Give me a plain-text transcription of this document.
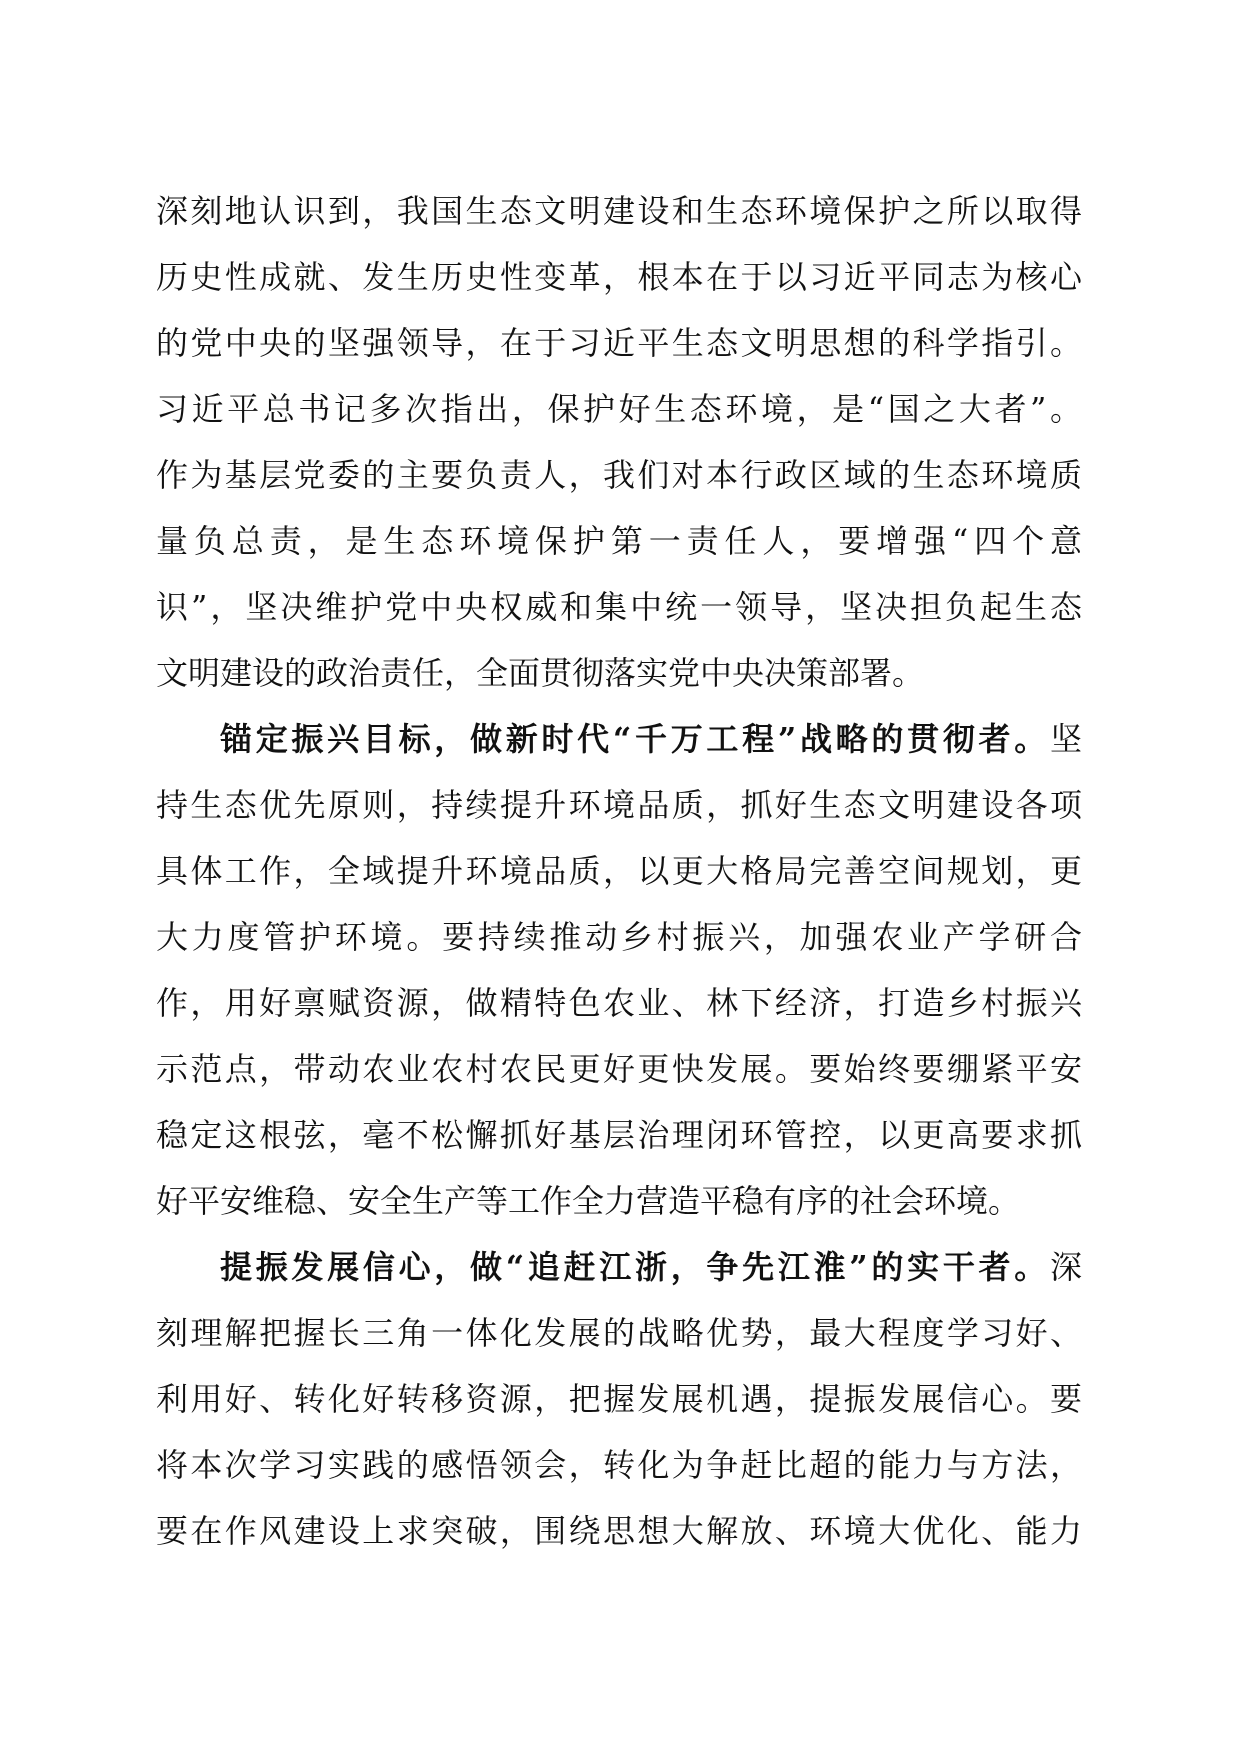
深刻地认识到，我国生态文明建设和生态环境保护之所以取得
历史性成就、发生历史性变革，根本在于以习近平同志为核心
的党中央的坚强领导，在于习近平生态文明思想的科学指引。
习近平总书记多次指出，保护好生态环境，是“国之大者”。
作为基层党委的主要负责人，我们对本行政区域的生态环境质
量负总责，是生态环境保护第一责任人，要增强“四个意
识”，坚决维护党中央权威和集中统一领导，坚决担负起生态
文明建设的政治责任，全面贯彻落实党中央决策部署。
锚定振兴目标，做新时代“千万工程”战略的贯彻者。坚
持生态优先原则，持续提升环境品质，抓好生态文明建设各项
具体工作，全域提升环境品质，以更大格局完善空间规划，更
大力度管护环境。要持续推动乡村振兴，加强农业产学研合
作，用好禀赋资源，做精特色农业、林下经济，打造乡村振兴
示范点，带动农业农村农民更好更快发展。要始终要绷紧平安
稳定这根弦，毫不松懈抓好基层治理闭环管控，以更高要求抓
好平安维稳、安全生产等工作全力营造平稳有序的社会环境。
提振发展信心，做“追赶江浙，争先江淮”的实干者。深
刻理解把握长三角一体化发展的战略优势，最大程度学习好、
利用好、转化好转移资源，把握发展机遇，提振发展信心。要
将本次学习实践的感悟领会，转化为争赶比超的能力与方法，
要在作风建设上求突破，围绕思想大解放、环境大优化、能力
